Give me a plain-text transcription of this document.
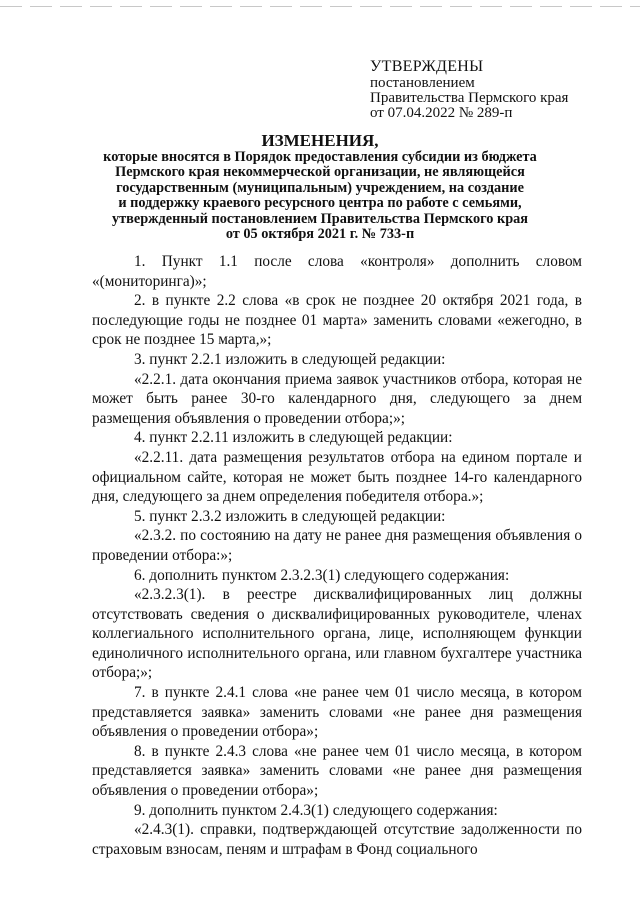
УТВЕРЖДЕНЫ
постановлением
Правительства Пермского края
от 07.04.2022 № 289-п
ИЗМЕНЕНИЯ,
которые вносятся в Порядок предоставления субсидии из бюджета
Пермского края некоммерческой организации, не являющейся
государственным (муниципальным) учреждением, на создание
и поддержку краевого ресурсного центра по работе с семьями,
утвержденный постановлением Правительства Пермского края
от 05 октября 2021 г. № 733-п

1. Пункт 1.1 после слова «контроля» дополнить словом «(мониторинга)»;

2. в пункте 2.2 слова «в срок не позднее 20 октября 2021 года, в последующие годы не позднее 01 марта» заменить словами «ежегодно, в срок не позднее 15 марта,»;

3. пункт 2.2.1 изложить в следующей редакции:

«2.2.1. дата окончания приема заявок участников отбора, которая не может быть ранее 30-го календарного дня, следующего за днем размещения объявления о проведении отбора;»;

4. пункт 2.2.11 изложить в следующей редакции:

«2.2.11. дата размещения результатов отбора на едином портале и официальном сайте, которая не может быть позднее 14-го календарного дня, следующего за днем определения победителя отбора.»;

5. пункт 2.3.2 изложить в следующей редакции:

«2.3.2. по состоянию на дату не ранее дня размещения объявления о проведении отбора:»;

6. дополнить пунктом 2.3.2.3(1) следующего содержания:

«2.3.2.3(1). в реестре дисквалифицированных лиц должны отсутствовать сведения о дисквалифицированных руководителе, членах коллегиального исполнительного органа, лице, исполняющем функции единоличного исполнительного органа, или главном бухгалтере участника отбора;»;

7. в пункте 2.4.1 слова «не ранее чем 01 число месяца, в котором представляется заявка» заменить словами «не ранее дня размещения объявления о проведении отбора»;

8. в пункте 2.4.3 слова «не ранее чем 01 число месяца, в котором представляется заявка» заменить словами «не ранее дня размещения объявления о проведении отбора»;

9. дополнить пунктом 2.4.3(1) следующего содержания:

«2.4.3(1). справки, подтверждающей отсутствие задолженности по страховым взносам, пеням и штрафам в Фонд социального
